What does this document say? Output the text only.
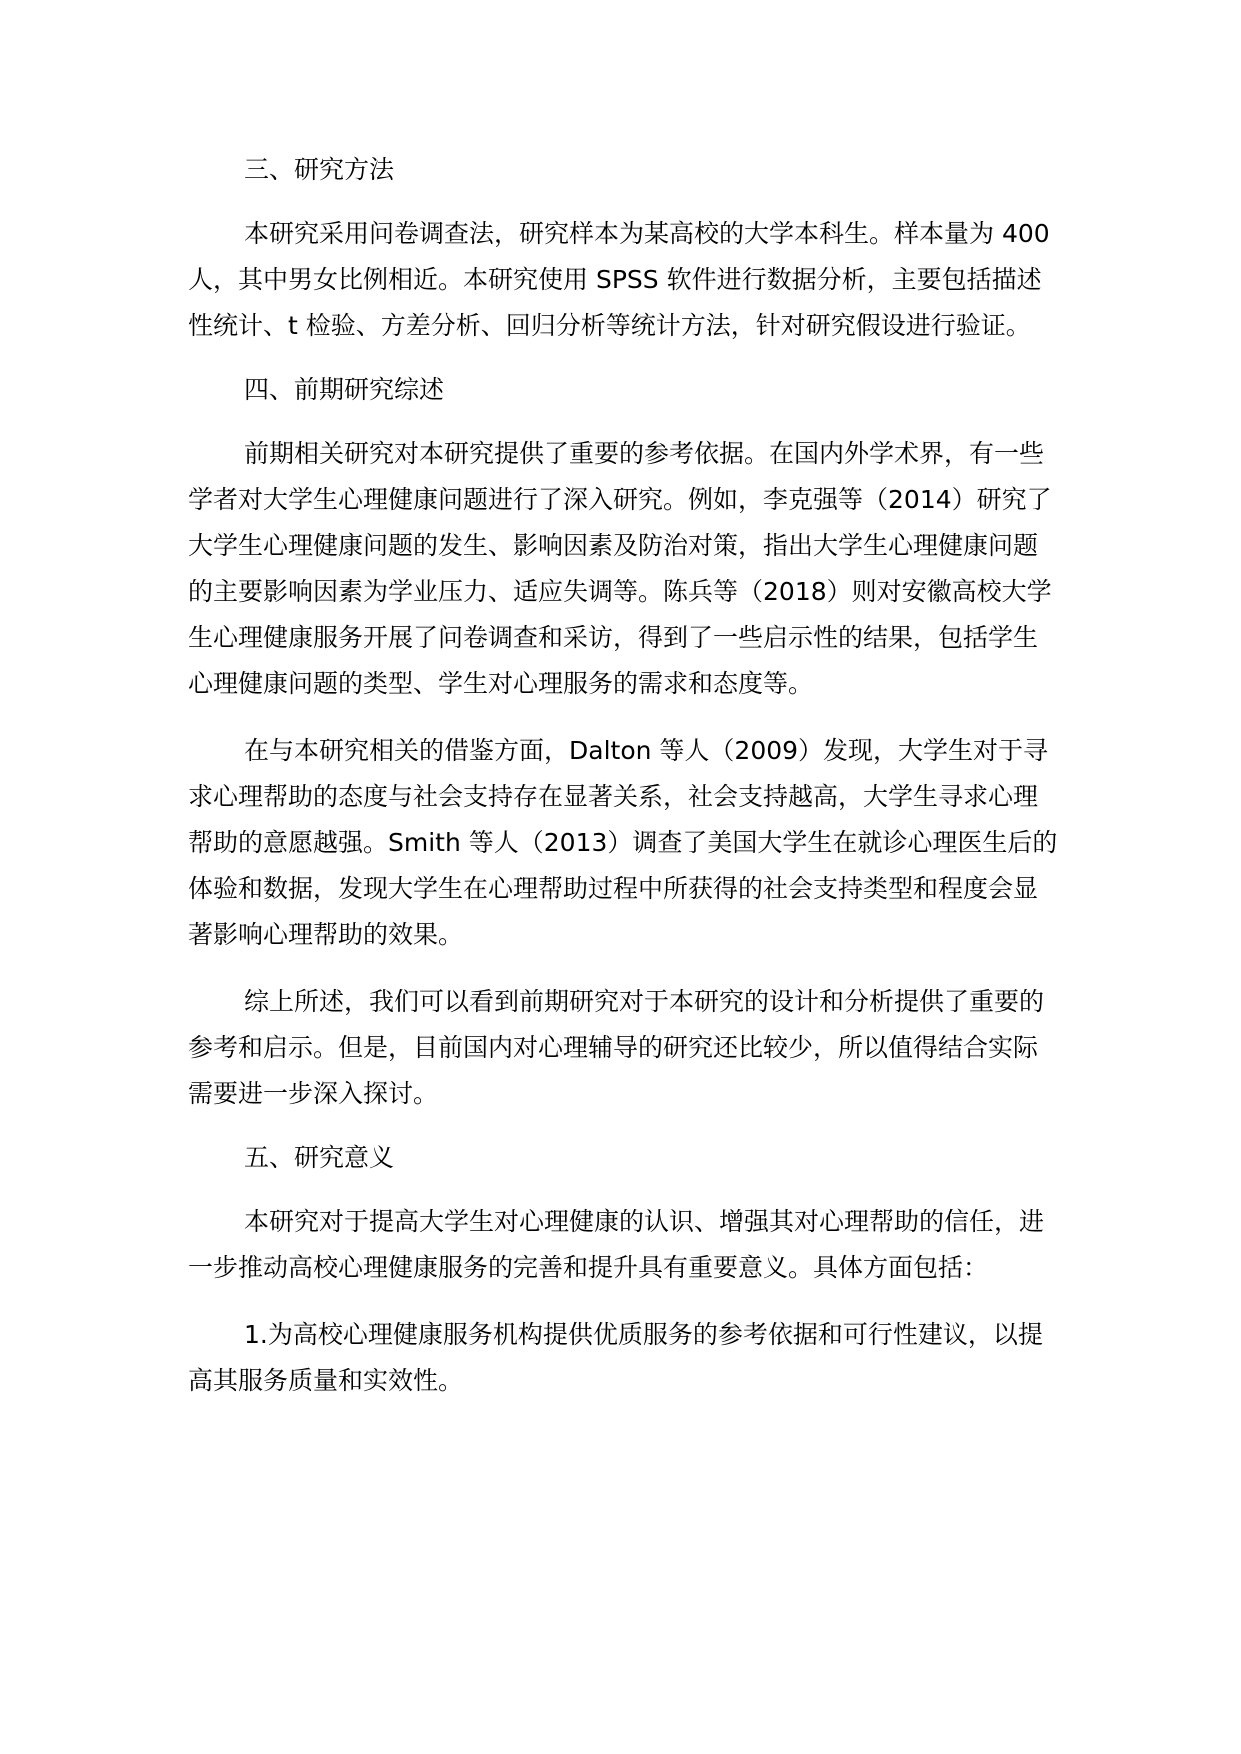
三、研究方法

本研究采用问卷调查法，研究样本为某高校的大学本科生。样本量为 400 人，其中男女比例相近。本研究使用 SPSS 软件进行数据分析，主要包括描述性统计、t 检验、方差分析、回归分析等统计方法，针对研究假设进行验证。

四、前期研究综述

前期相关研究对本研究提供了重要的参考依据。在国内外学术界，有一些学者对大学生心理健康问题进行了深入研究。例如，李克强等（2014）研究了大学生心理健康问题的发生、影响因素及防治对策，指出大学生心理健康问题的主要影响因素为学业压力、适应失调等。陈兵等（2018）则对安徽高校大学生心理健康服务开展了问卷调查和采访，得到了一些启示性的结果，包括学生心理健康问题的类型、学生对心理服务的需求和态度等。

在与本研究相关的借鉴方面，Dalton 等人（2009）发现，大学生对于寻求心理帮助的态度与社会支持存在显著关系，社会支持越高，大学生寻求心理帮助的意愿越强。Smith 等人（2013）调查了美国大学生在就诊心理医生后的体验和数据，发现大学生在心理帮助过程中所获得的社会支持类型和程度会显著影响心理帮助的效果。

综上所述，我们可以看到前期研究对于本研究的设计和分析提供了重要的参考和启示。但是，目前国内对心理辅导的研究还比较少，所以值得结合实际需要进一步深入探讨。

五、研究意义

本研究对于提高大学生对心理健康的认识、增强其对心理帮助的信任，进一步推动高校心理健康服务的完善和提升具有重要意义。具体方面包括：

1.为高校心理健康服务机构提供优质服务的参考依据和可行性建议，以提高其服务质量和实效性。
